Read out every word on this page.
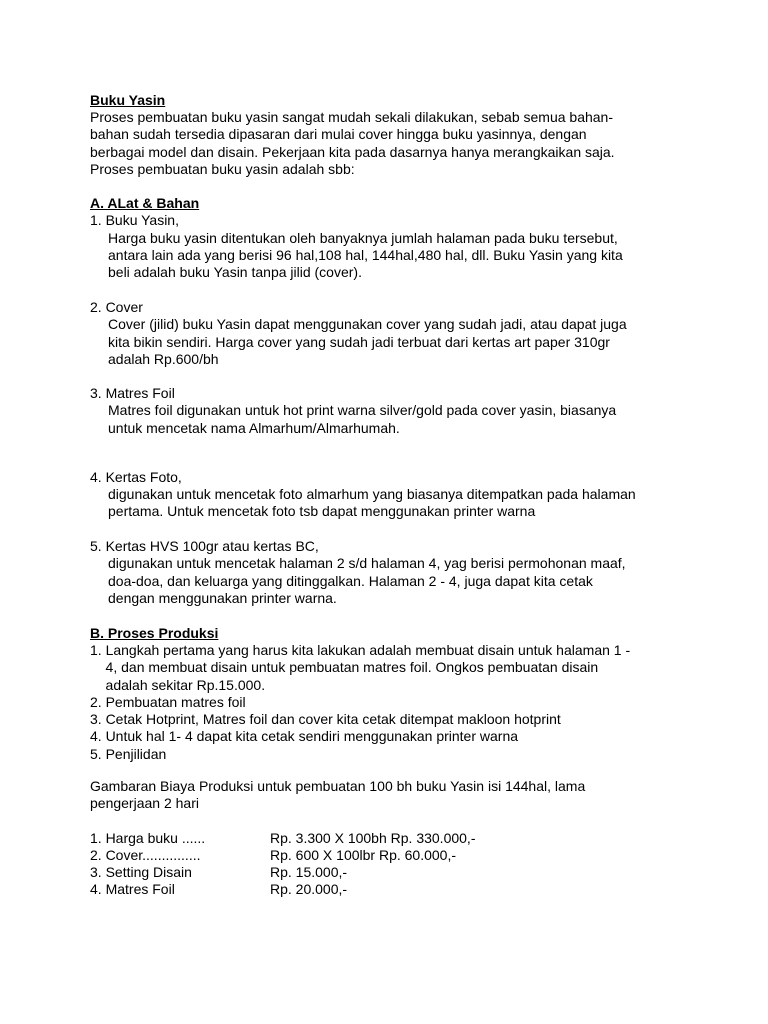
Buku Yasin
Proses pembuatan buku yasin sangat mudah sekali dilakukan, sebab semua bahan-
bahan sudah tersedia dipasaran dari mulai cover hingga buku yasinnya, dengan
berbagai model dan disain. Pekerjaan kita pada dasarnya hanya merangkaikan saja.
Proses pembuatan buku yasin adalah sbb:
A. ALat & Bahan
1. Buku Yasin,
Harga buku yasin ditentukan oleh banyaknya jumlah halaman pada buku tersebut,
antara lain ada yang berisi 96 hal,108 hal, 144hal,480 hal, dll. Buku Yasin yang kita
beli adalah buku Yasin tanpa jilid (cover).
2. Cover
Cover (jilid) buku Yasin dapat menggunakan cover yang sudah jadi, atau dapat juga
kita bikin sendiri. Harga cover yang sudah jadi terbuat dari kertas art paper 310gr
adalah Rp.600/bh
3. Matres Foil
Matres foil digunakan untuk hot print warna silver/gold pada cover yasin, biasanya
untuk mencetak nama Almarhum/Almarhumah.
4. Kertas Foto,
digunakan untuk mencetak foto almarhum yang biasanya ditempatkan pada halaman
pertama. Untuk mencetak foto tsb dapat menggunakan printer warna
5. Kertas HVS 100gr atau kertas BC,
digunakan untuk mencetak halaman 2 s/d halaman 4, yag berisi permohonan maaf,
doa-doa, dan keluarga yang ditinggalkan. Halaman 2 - 4, juga dapat kita cetak
dengan menggunakan printer warna.
B. Proses Produksi
1. Langkah pertama yang harus kita lakukan adalah membuat disain untuk halaman 1 -
4, dan membuat disain untuk pembuatan matres foil. Ongkos pembuatan disain
adalah sekitar Rp.15.000.
2. Pembuatan matres foil
3. Cetak Hotprint, Matres foil dan cover kita cetak ditempat makloon hotprint
4. Untuk hal 1- 4 dapat kita cetak sendiri menggunakan printer warna
5. Penjilidan
Gambaran Biaya Produksi untuk pembuatan 100 bh buku Yasin isi 144hal, lama
pengerjaan 2 hari
1. Harga buku ......	Rp. 3.300 X 100bh Rp. 330.000,-
2. Cover...............	Rp. 600 X 100lbr Rp. 60.000,-
3. Setting Disain	Rp. 15.000,-
4. Matres Foil	Rp. 20.000,-
